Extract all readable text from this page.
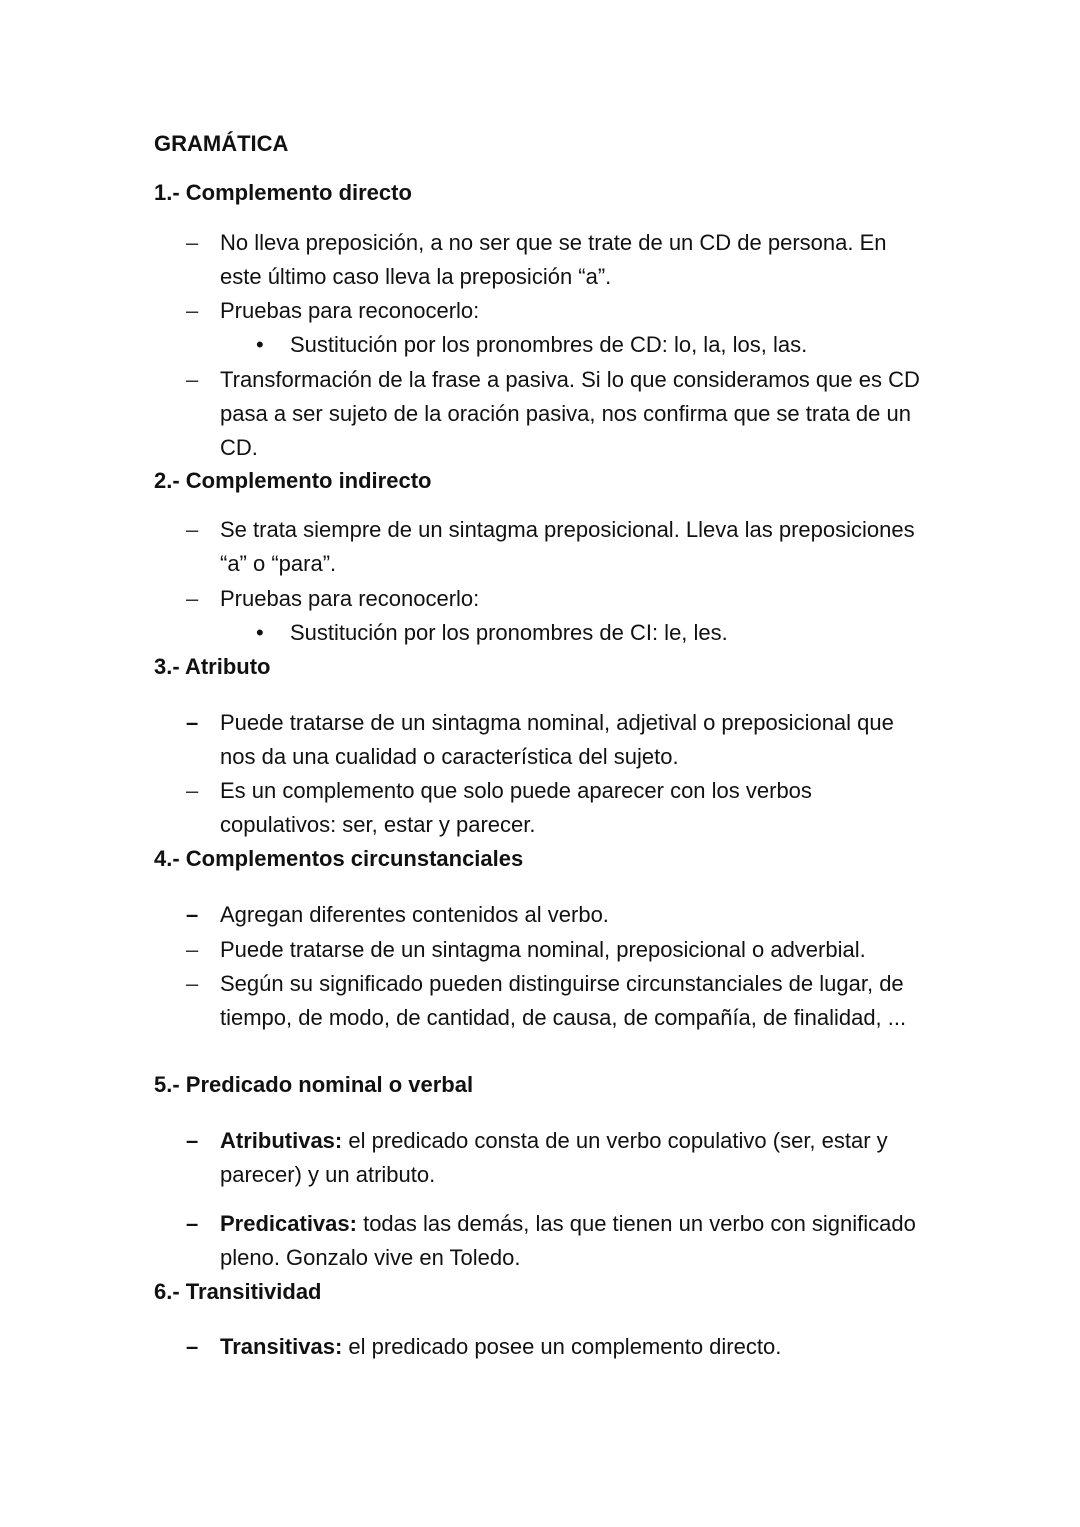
GRAMÁTICA
1.- Complemento directo
– No lleva preposición, a no ser que se trate de un CD de persona. En este último caso lleva la preposición “a”.
– Pruebas para reconocerlo:
• Sustitución por los pronombres de CD: lo, la, los, las.
– Transformación de la frase a pasiva. Si lo que consideramos que es CD pasa a ser sujeto de la oración pasiva, nos confirma que se trata de un CD.
2.- Complemento indirecto
– Se trata siempre de un sintagma preposicional. Lleva las preposiciones “a” o “para”.
– Pruebas para reconocerlo:
• Sustitución por los pronombres de CI: le, les.
3.- Atributo
– Puede tratarse de un sintagma nominal, adjetival o preposicional que nos da una cualidad o característica del sujeto.
– Es un complemento que solo puede aparecer con los verbos copulativos: ser, estar y parecer.
4.- Complementos circunstanciales
– Agregan diferentes contenidos al verbo.
– Puede tratarse de un sintagma nominal, preposicional o adverbial.
– Según su significado pueden distinguirse circunstanciales de lugar, de tiempo, de modo, de cantidad, de causa, de compañía, de finalidad, ...
5.- Predicado nominal o verbal
– Atributivas: el predicado consta de un verbo copulativo (ser, estar y parecer) y un atributo.
– Predicativas: todas las demás, las que tienen un verbo con significado pleno. Gonzalo vive en Toledo.
6.- Transitividad
– Transitivas: el predicado posee un complemento directo.
